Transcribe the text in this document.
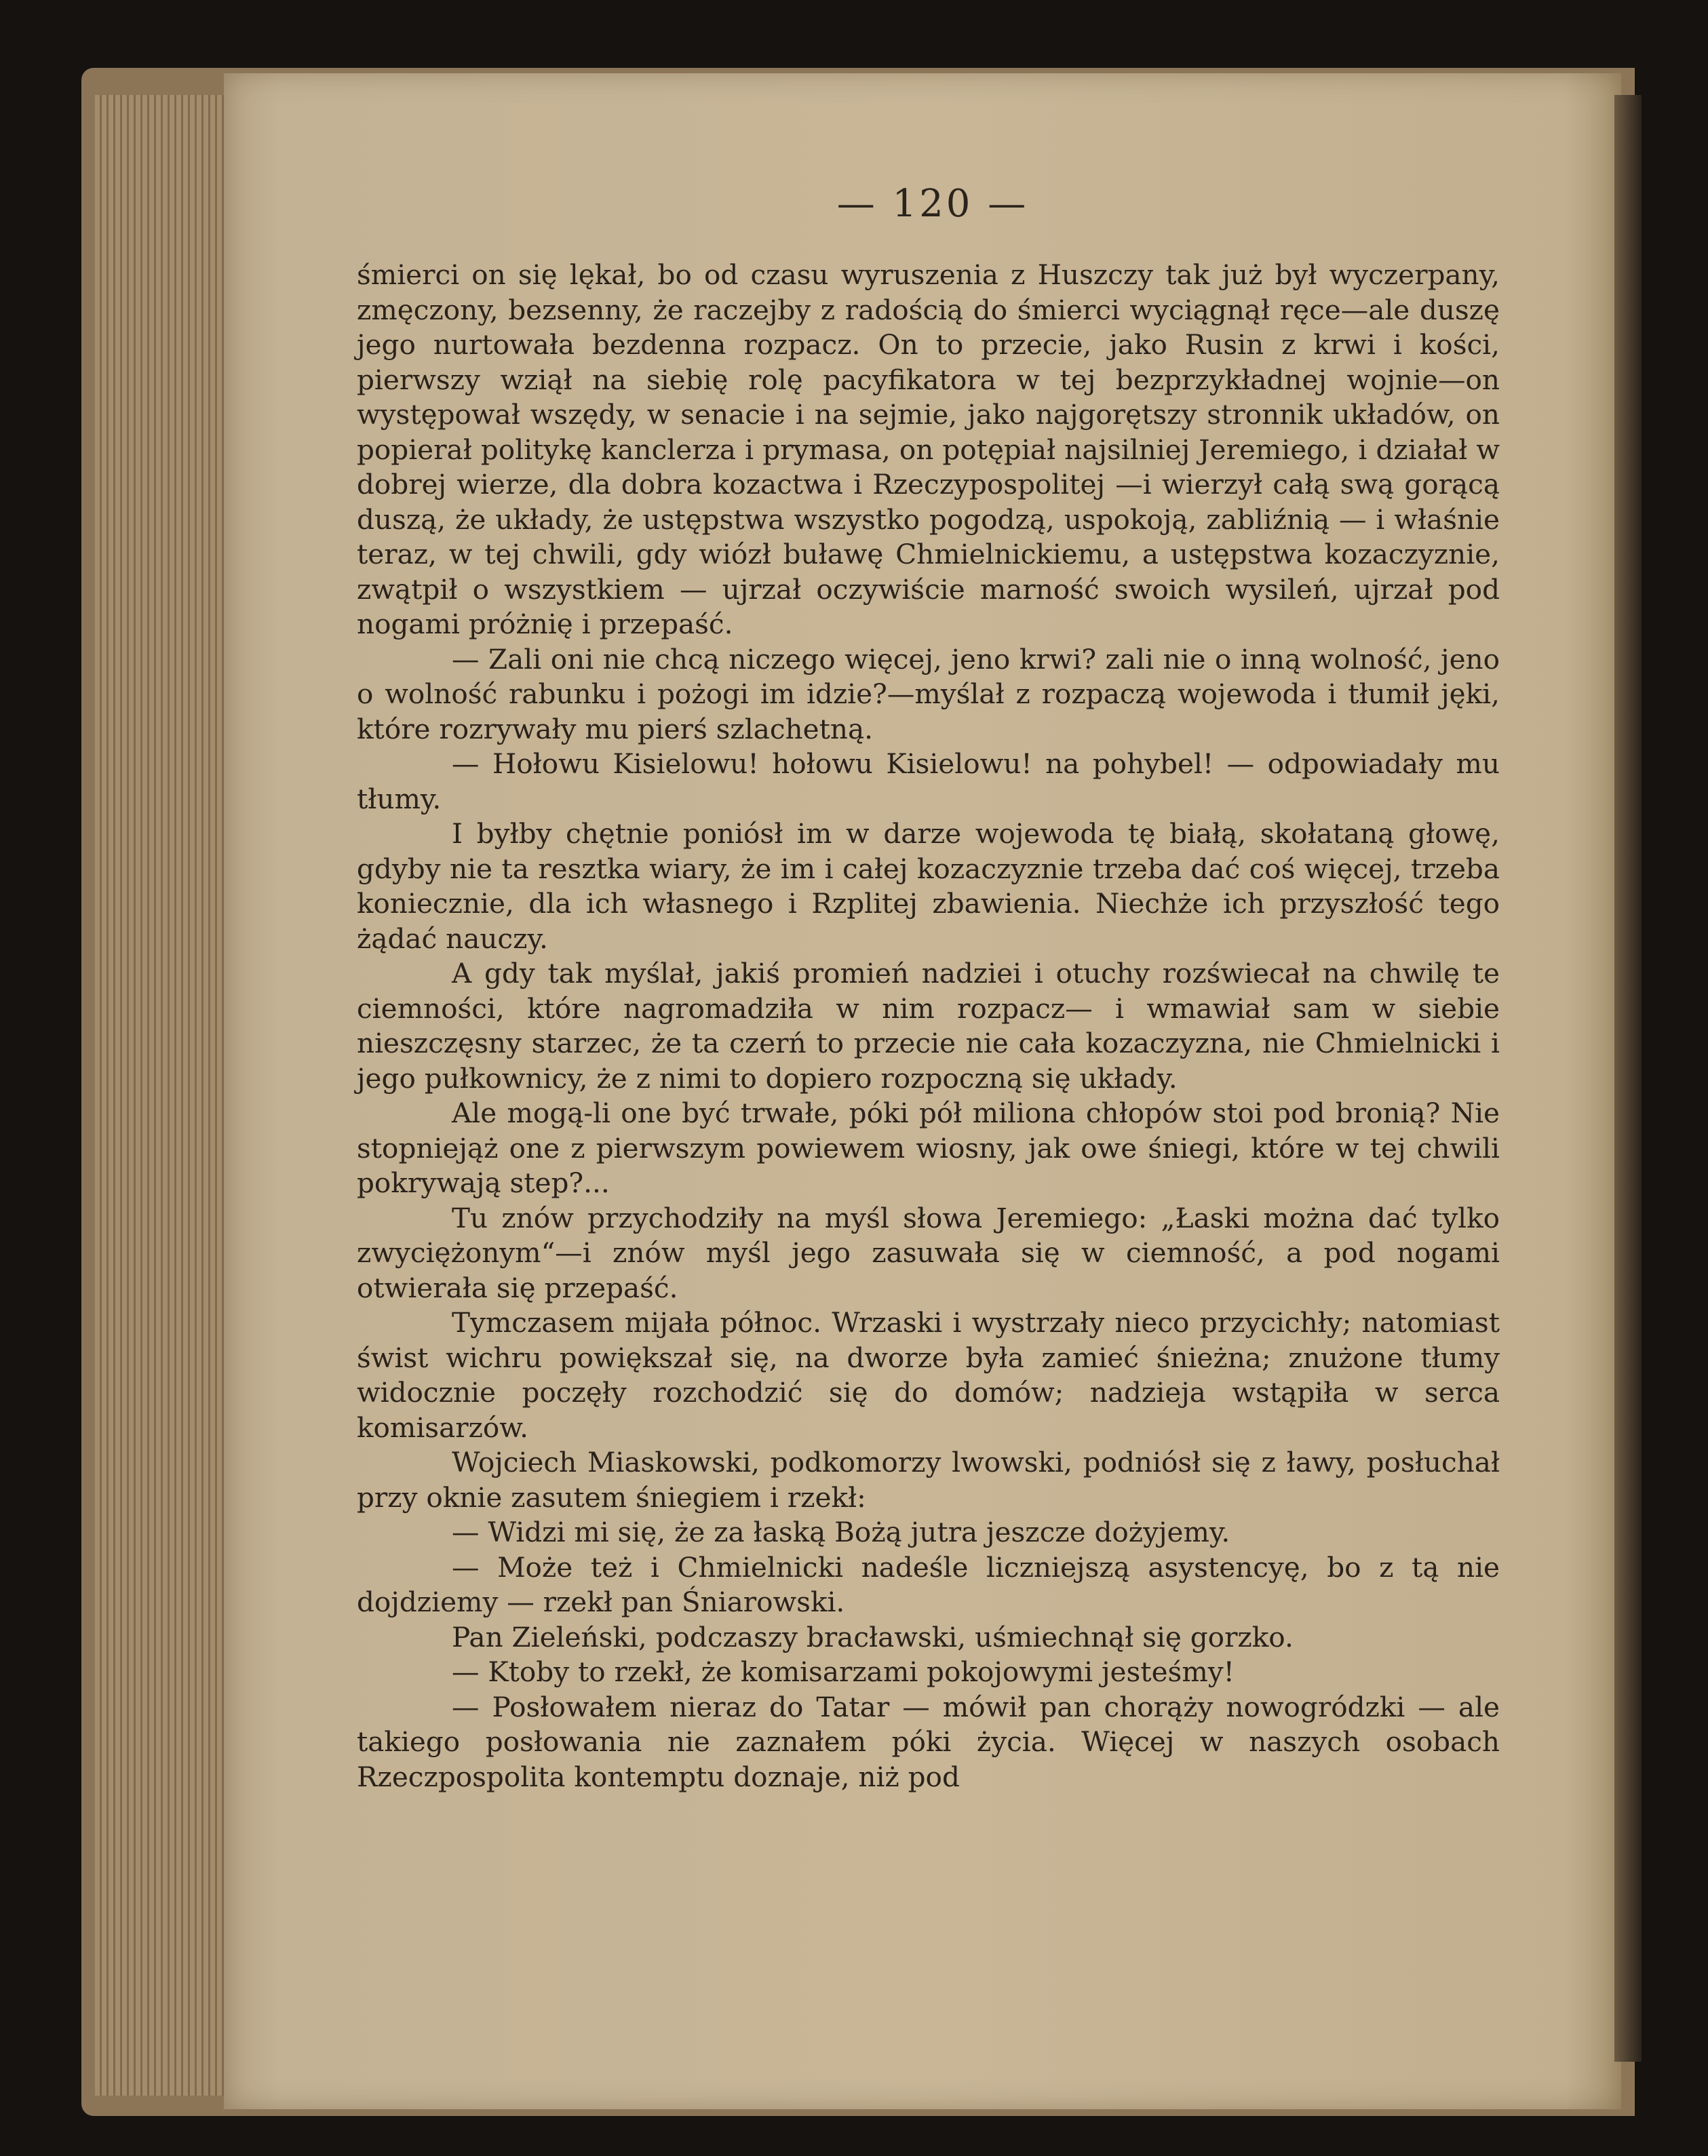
— 120 —

śmierci on się lękał, bo od czasu wyruszenia z Huszczy tak już był wyczerpany, zmęczony, bezsenny, że raczejby z radością do śmierci wyciągnął ręce—ale duszę jego nurtowała bezdenna rozpacz. On to przecie, jako Rusin z krwi i kości, pierwszy wziął na siebię rolę pacyfikatora w tej bezprzykładnej wojnie—on występował wszędy, w senacie i na sejmie, jako najgorętszy stronnik układów, on popierał politykę kanclerza i prymasa, on potępiał najsilniej Jeremiego, i działał w dobrej wierze, dla dobra kozactwa i Rzeczypospolitej —i wierzył całą swą gorącą duszą, że układy, że ustępstwa wszystko pogodzą, uspokoją, zabliźnią — i właśnie teraz, w tej chwili, gdy wiózł buławę Chmielnickiemu, a ustępstwa kozaczyznie, zwątpił o wszystkiem — ujrzał oczywiście marność swoich wysileń, ujrzał pod nogami próżnię i przepaść.

— Zali oni nie chcą niczego więcej, jeno krwi? zali nie o inną wolność, jeno o wolność rabunku i pożogi im idzie?—myślał z rozpaczą wojewoda i tłumił jęki, które rozrywały mu pierś szlachetną.

— Hołowu Kisielowu! hołowu Kisielowu! na pohybel! — odpowiadały mu tłumy.

I byłby chętnie poniósł im w darze wojewoda tę białą, skołataną głowę, gdyby nie ta resztka wiary, że im i całej kozaczyznie trzeba dać coś więcej, trzeba koniecznie, dla ich własnego i Rzplitej zbawienia. Niechże ich przyszłość tego żądać nauczy.

A gdy tak myślał, jakiś promień nadziei i otuchy rozświecał na chwilę te ciemności, które nagromadziła w nim rozpacz— i wmawiał sam w siebie nieszczęsny starzec, że ta czerń to przecie nie cała kozaczyzna, nie Chmielnicki i jego pułkownicy, że z nimi to dopiero rozpoczną się układy.

Ale mogą-li one być trwałe, póki pół miliona chłopów stoi pod bronią? Nie stopniejąż one z pierwszym powiewem wiosny, jak owe śniegi, które w tej chwili pokrywają step?...

Tu znów przychodziły na myśl słowa Jeremiego: „Łaski można dać tylko zwyciężonym“—i znów myśl jego zasuwała się w ciemność, a pod nogami otwierała się przepaść.

Tymczasem mijała północ. Wrzaski i wystrzały nieco przycichły; natomiast świst wichru powiększał się, na dworze była zamieć śnieżna; znużone tłumy widocznie poczęły rozchodzić się do domów; nadzieja wstąpiła w serca komisarzów.

Wojciech Miaskowski, podkomorzy lwowski, podniósł się z ławy, posłuchał przy oknie zasutem śniegiem i rzekł:

— Widzi mi się, że za łaską Bożą jutra jeszcze dożyjemy.

— Może też i Chmielnicki nadeśle liczniejszą asystencyę, bo z tą nie dojdziemy — rzekł pan Śniarowski.

Pan Zieleński, podczaszy bracławski, uśmiechnął się gorzko.

— Ktoby to rzekł, że komisarzami pokojowymi jesteśmy!

— Posłowałem nieraz do Tatar — mówił pan chorąży nowogródzki — ale takiego posłowania nie zaznałem póki życia. Więcej w naszych osobach Rzeczpospolita kontemptu doznaje, niż pod
